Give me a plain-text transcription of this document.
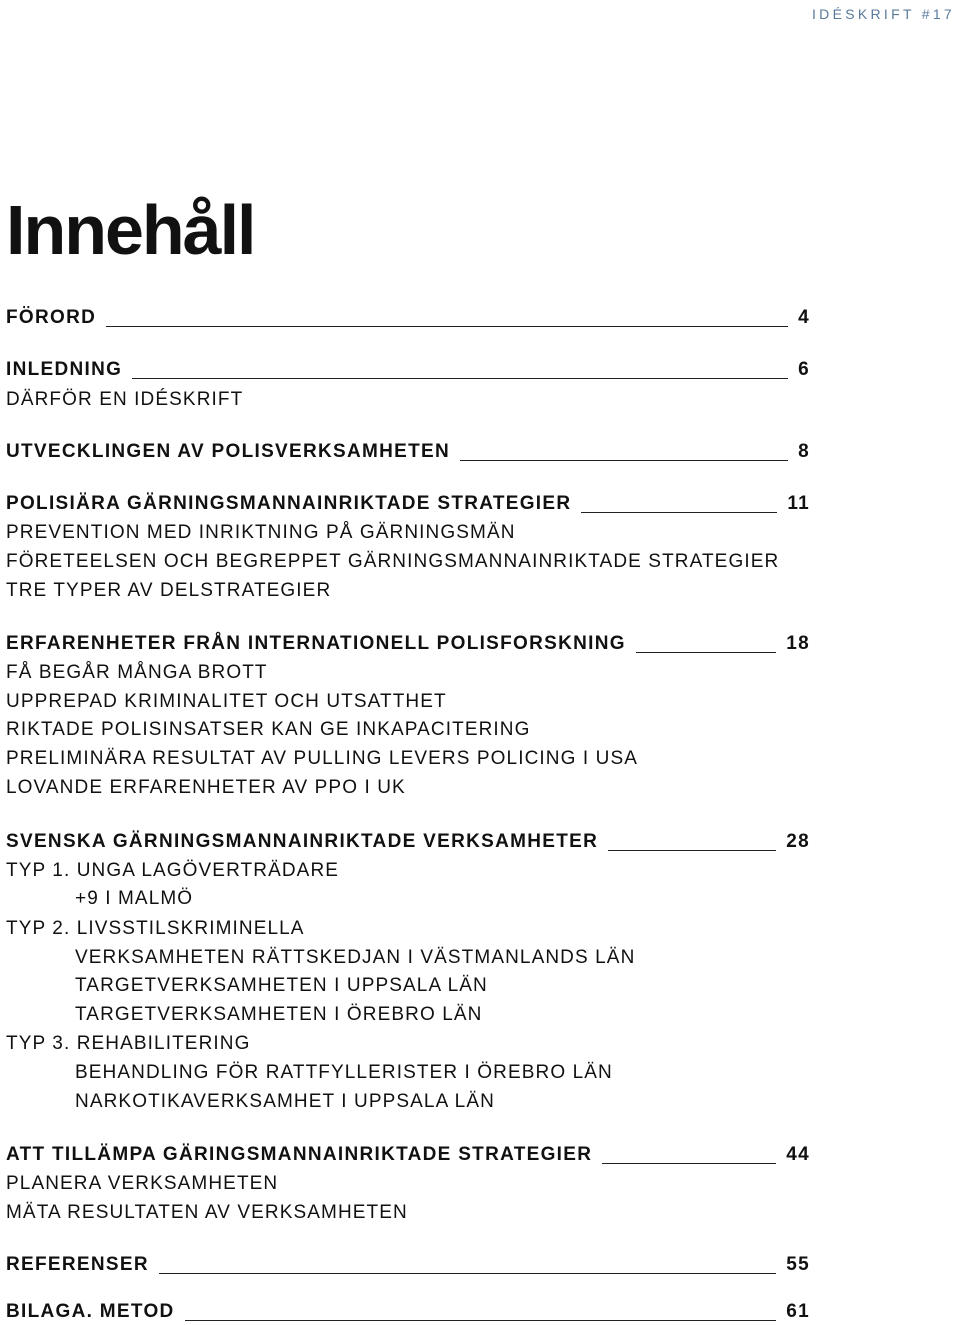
IDÉSKRIFT #17
Innehåll
FÖRORD	4
INLEDNING	6
DÄRFÖR EN IDÉSKRIFT
UTVECKLINGEN AV POLISVERKSAMHETEN	8
POLISIÄRA GÄRNINGSMANNAINRIKTADE STRATEGIER	11
PREVENTION MED INRIKTNING PÅ GÄRNINGSMÄN
FÖRETEELSEN OCH BEGREPPET GÄRNINGSMANNAINRIKTADE STRATEGIER
TRE TYPER AV DELSTRATEGIER
ERFARENHETER FRÅN INTERNATIONELL POLISFORSKNING	18
FÅ BEGÅR MÅNGA BROTT
UPPREPAD KRIMINALITET OCH UTSATTHET
RIKTADE POLISINSATSER KAN GE INKAPACITERING
PRELIMINÄRA RESULTAT AV PULLING LEVERS POLICING I USA
LOVANDE ERFARENHETER AV PPO I UK
SVENSKA GÄRNINGSMANNAINRIKTADE VERKSAMHETER	28
TYP 1. UNGA LAGÖVERTRÄDARE
+9 I MALMÖ
TYP 2. LIVSSTILSKRIMINELLA
VERKSAMHETEN RÄTTSKEDJAN I VÄSTMANLANDS LÄN
TARGETVERKSAMHETEN I UPPSALA LÄN
TARGETVERKSAMHETEN I ÖREBRO LÄN
TYP 3. REHABILITERING
BEHANDLING FÖR RATTFYLLERISTER I ÖREBRO LÄN
NARKOTIKAVERKSAMHET I UPPSALA LÄN
ATT TILLÄMPA GÄRINGSMANNAINRIKTADE STRATEGIER	44
PLANERA VERKSAMHETEN
MÄTA RESULTATEN AV VERKSAMHETEN
REFERENSER	55
BILAGA. METOD	61
